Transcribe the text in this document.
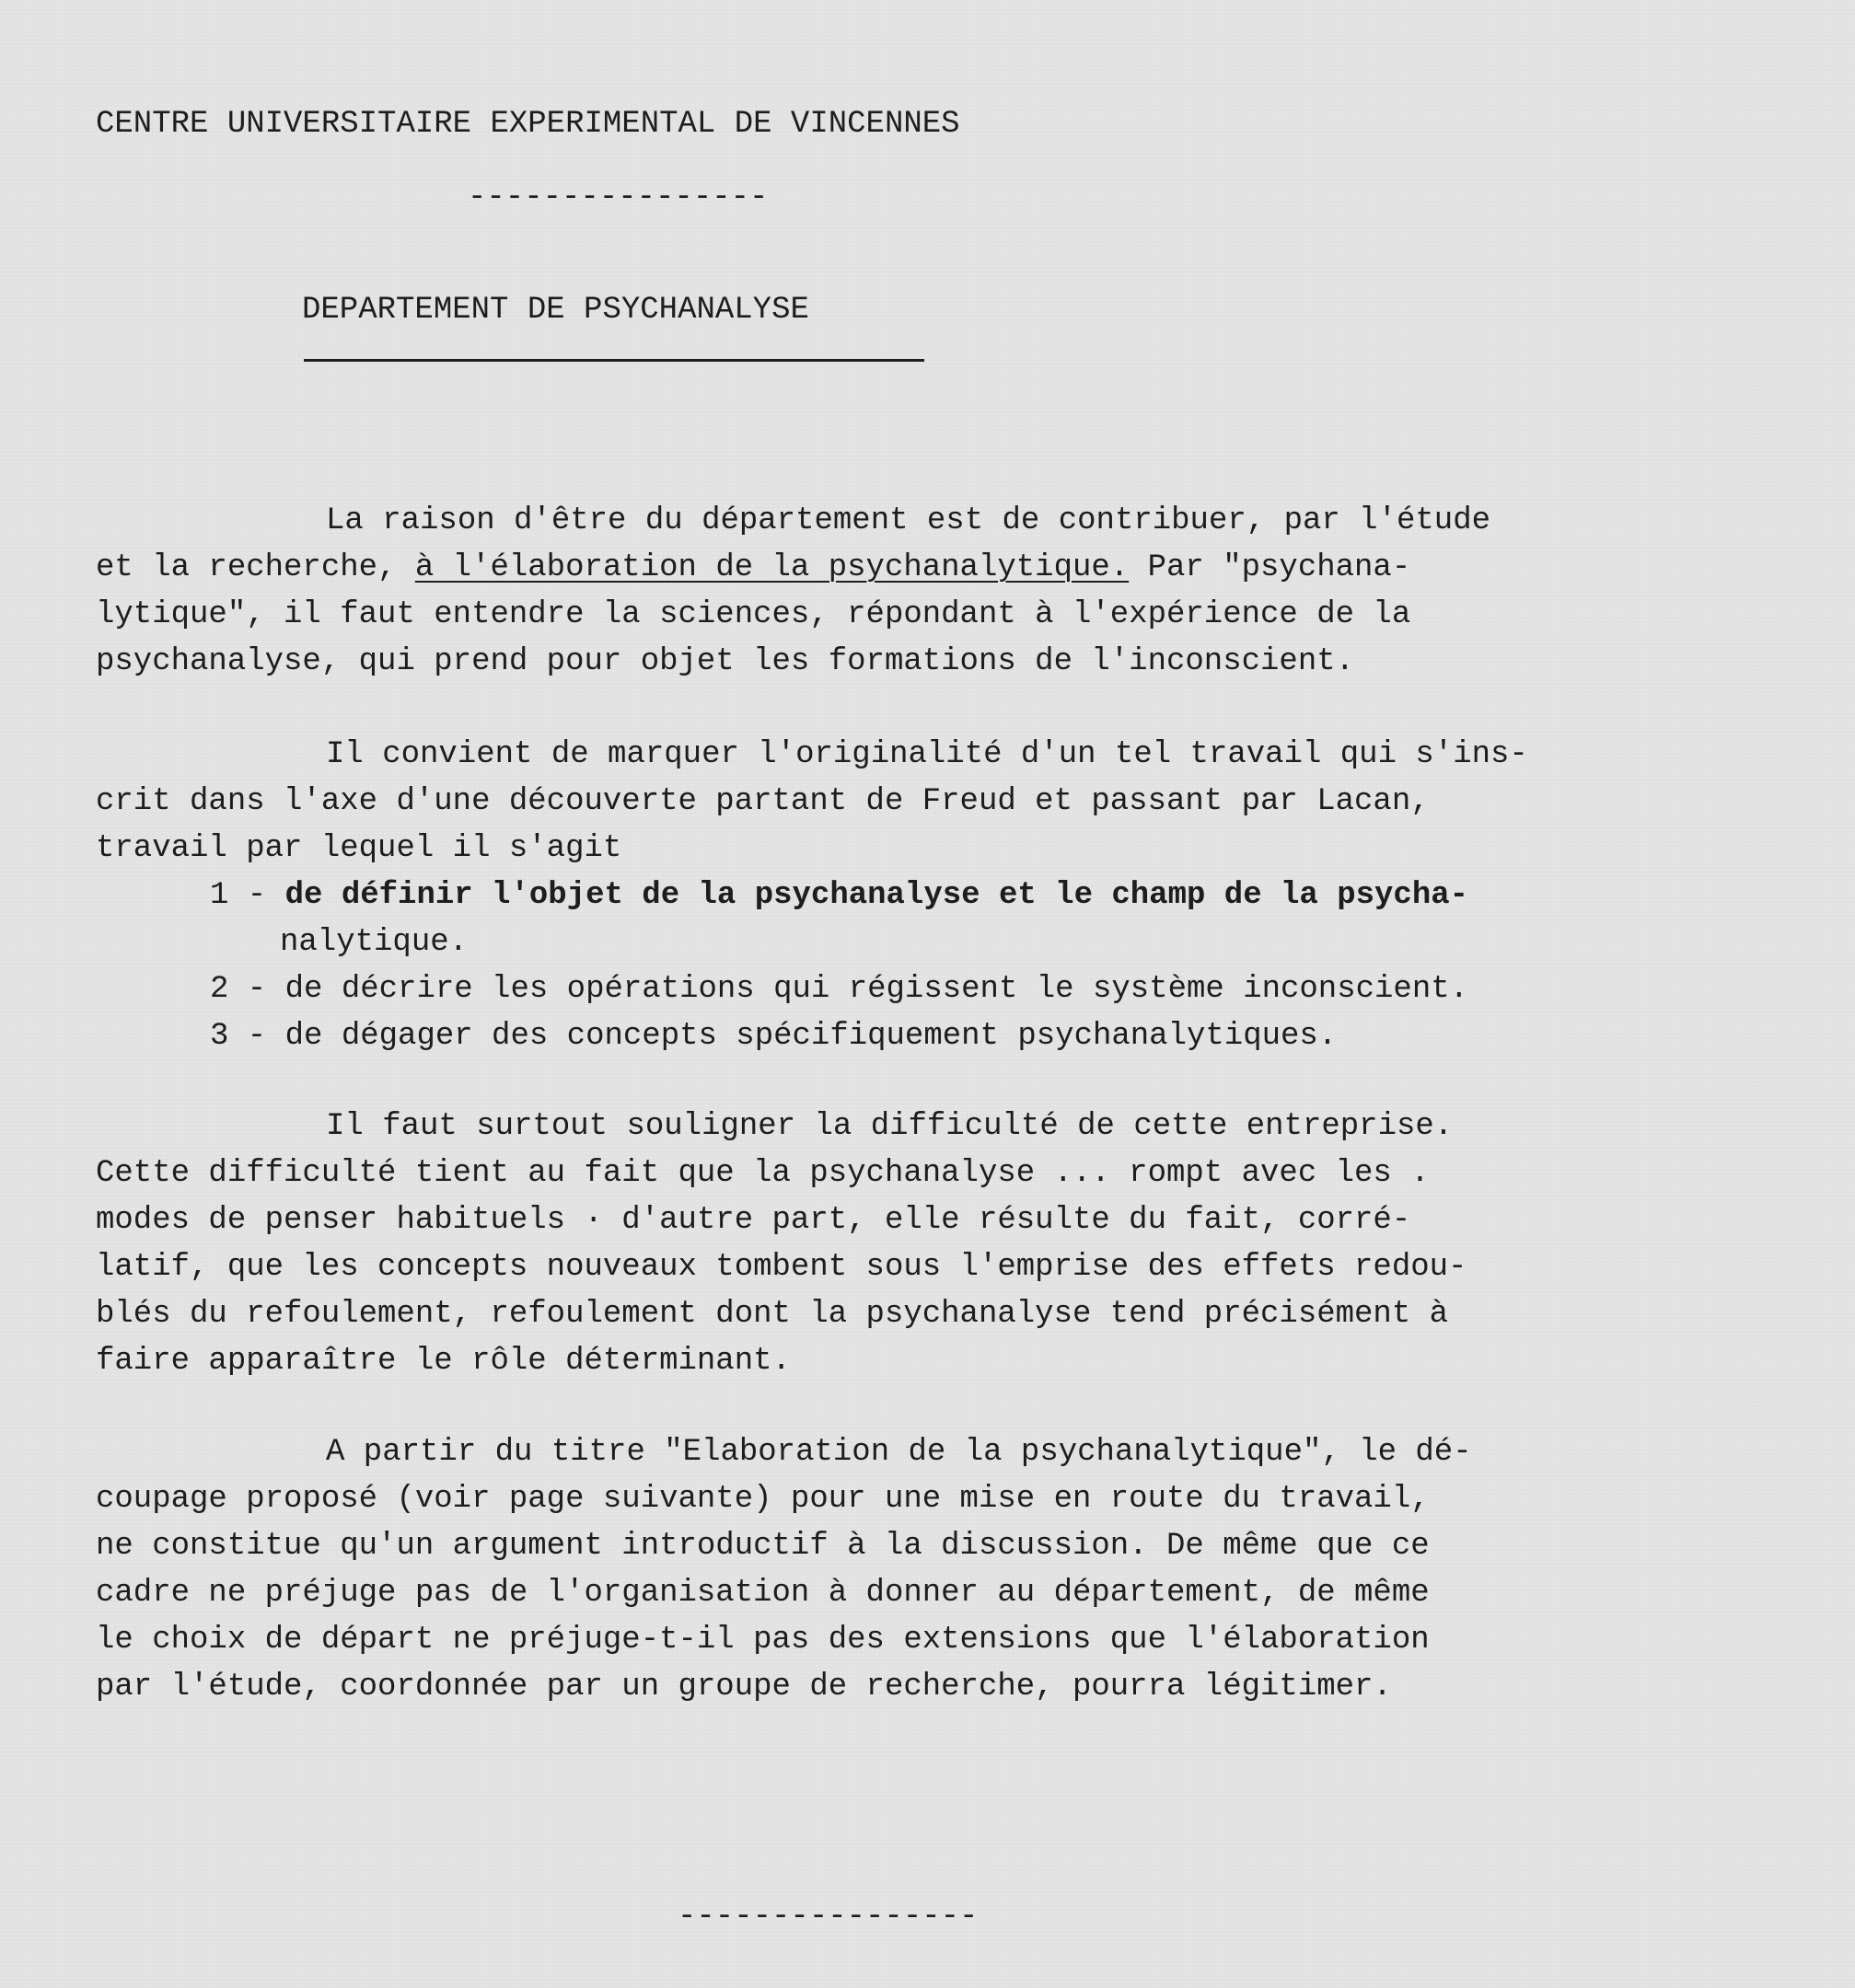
CENTRE UNIVERSITAIRE EXPERIMENTAL DE VINCENNES
----------------
DEPARTEMENT DE PSYCHANALYSE
La raison d'être du département est de contribuer, par l'étude
et la recherche, à l'élaboration de la psychanalytique. Par "psychana-
lytique", il faut entendre la sciences, répondant à l'expérience de la
psychanalyse, qui prend pour objet les formations de l'inconscient.
Il convient de marquer l'originalité d'un tel travail qui s'ins-
crit dans l'axe d'une découverte partant de Freud et passant par Lacan,
travail par lequel il s'agit
1 - de définir l'objet de la psychanalyse et le champ de la psycha-
nalytique.
2 - de décrire les opérations qui régissent le système inconscient.
3 - de dégager des concepts spécifiquement psychanalytiques.
Il faut surtout souligner la difficulté de cette entreprise.
Cette difficulté tient au fait que la psychanalyse ... rompt avec les .
modes de penser habituels · d'autre part, elle résulte du fait, corré-
latif, que les concepts nouveaux tombent sous l'emprise des effets redou-
blés du refoulement, refoulement dont la psychanalyse tend précisément à
faire apparaître le rôle déterminant.
A partir du titre "Elaboration de la psychanalytique", le dé-
coupage proposé (voir page suivante) pour une mise en route du travail,
ne constitue qu'un argument introductif à la discussion. De même que ce
cadre ne préjuge pas de l'organisation à donner au département, de même
le choix de départ ne préjuge-t-il pas des extensions que l'élaboration
par l'étude, coordonnée par un groupe de recherche, pourra légitimer.
----------------
